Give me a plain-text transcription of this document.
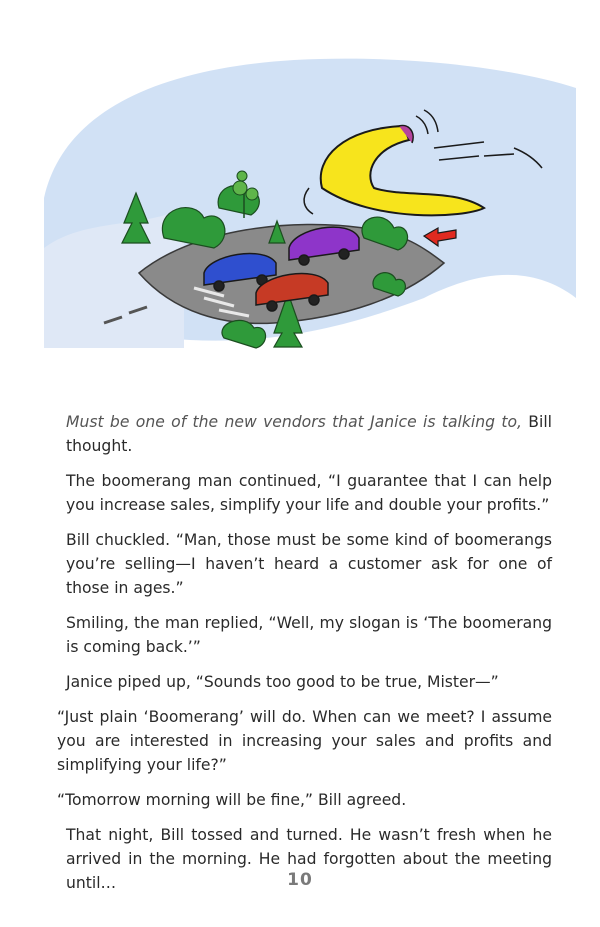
Must be one of the new vendors that Janice is talking to, Bill thought.

The boomerang man continued, “I guarantee that I can help you increase sales, simplify your life and double your profits.”

Bill chuckled. “Man, those must be some kind of boomerangs you’re selling—I haven’t heard a customer ask for one of those in ages.”

Smiling, the man replied, “Well, my slogan is ‘The boomerang is coming back.’”

Janice piped up, “Sounds too good to be true, Mister—”

“Just plain ‘Boomerang’ will do. When can we meet? I assume you are interested in increasing your sales and profits and simplifying your life?”

“Tomorrow morning will be fine,” Bill agreed.

That night, Bill tossed and turned. He wasn’t fresh when he arrived in the morning. He had forgotten about the meeting until…	10
